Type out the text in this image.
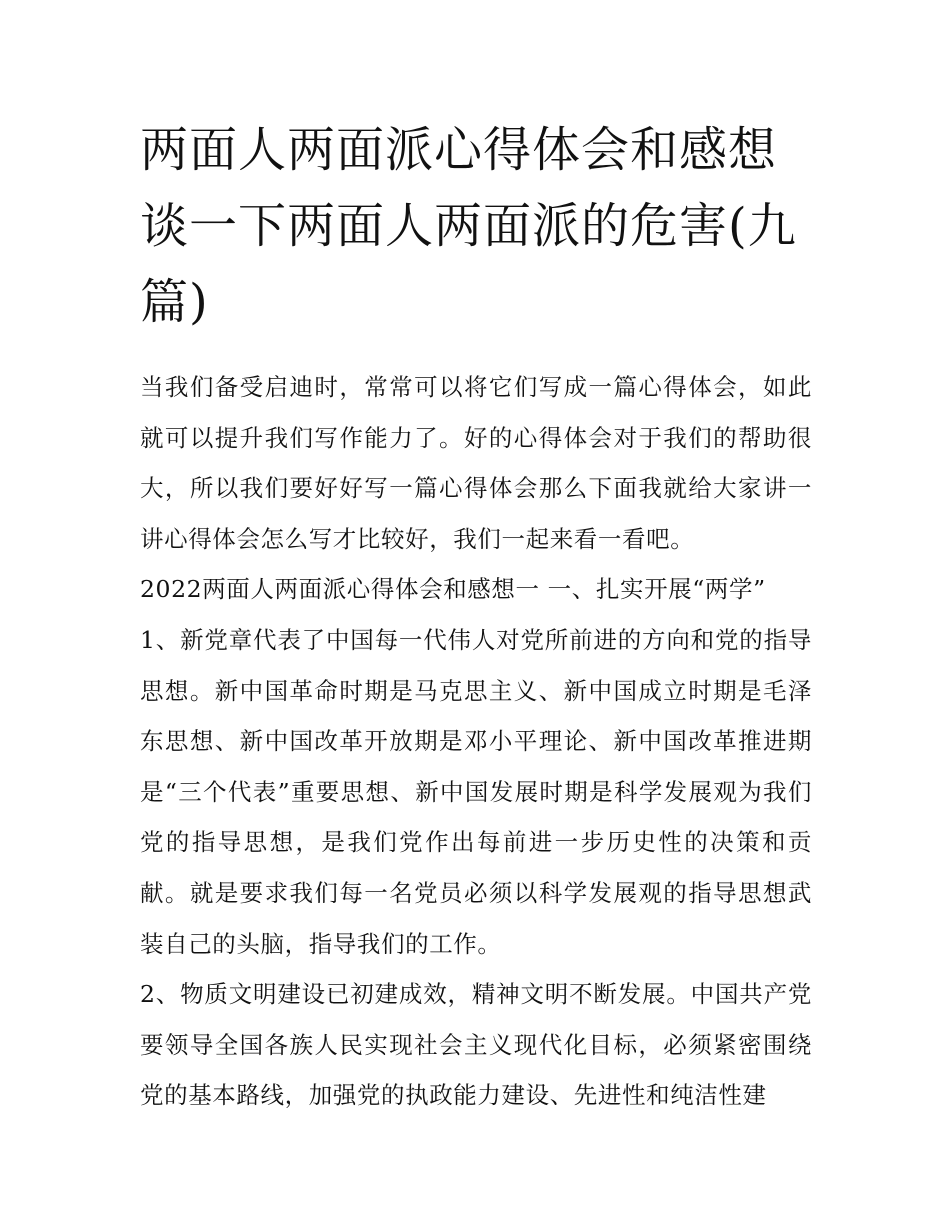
两面人两面派心得体会和感想谈一下两面人两面派的危害(九篇)

当我们备受启迪时，常常可以将它们写成一篇心得体会，如此就可以提升我们写作能力了。好的心得体会对于我们的帮助很大，所以我们要好好写一篇心得体会那么下面我就给大家讲一讲心得体会怎么写才比较好，我们一起来看一看吧。

2022两面人两面派心得体会和感想一 一、扎实开展“两学”

1、新党章代表了中国每一代伟人对党所前进的方向和党的指导思想。新中国革命时期是马克思主义、新中国成立时期是毛泽东思想、新中国改革开放期是邓小平理论、新中国改革推进期是“三个代表”重要思想、新中国发展时期是科学发展观为我们党的指导思想，是我们党作出每前进一步历史性的决策和贡献。就是要求我们每一名党员必须以科学发展观的指导思想武装自己的头脑，指导我们的工作。

2、物质文明建设已初建成效，精神文明不断发展。中国共产党要领导全国各族人民实现社会主义现代化目标，必须紧密围绕党的基本路线，加强党的执政能力建设、先进性和纯洁性建
